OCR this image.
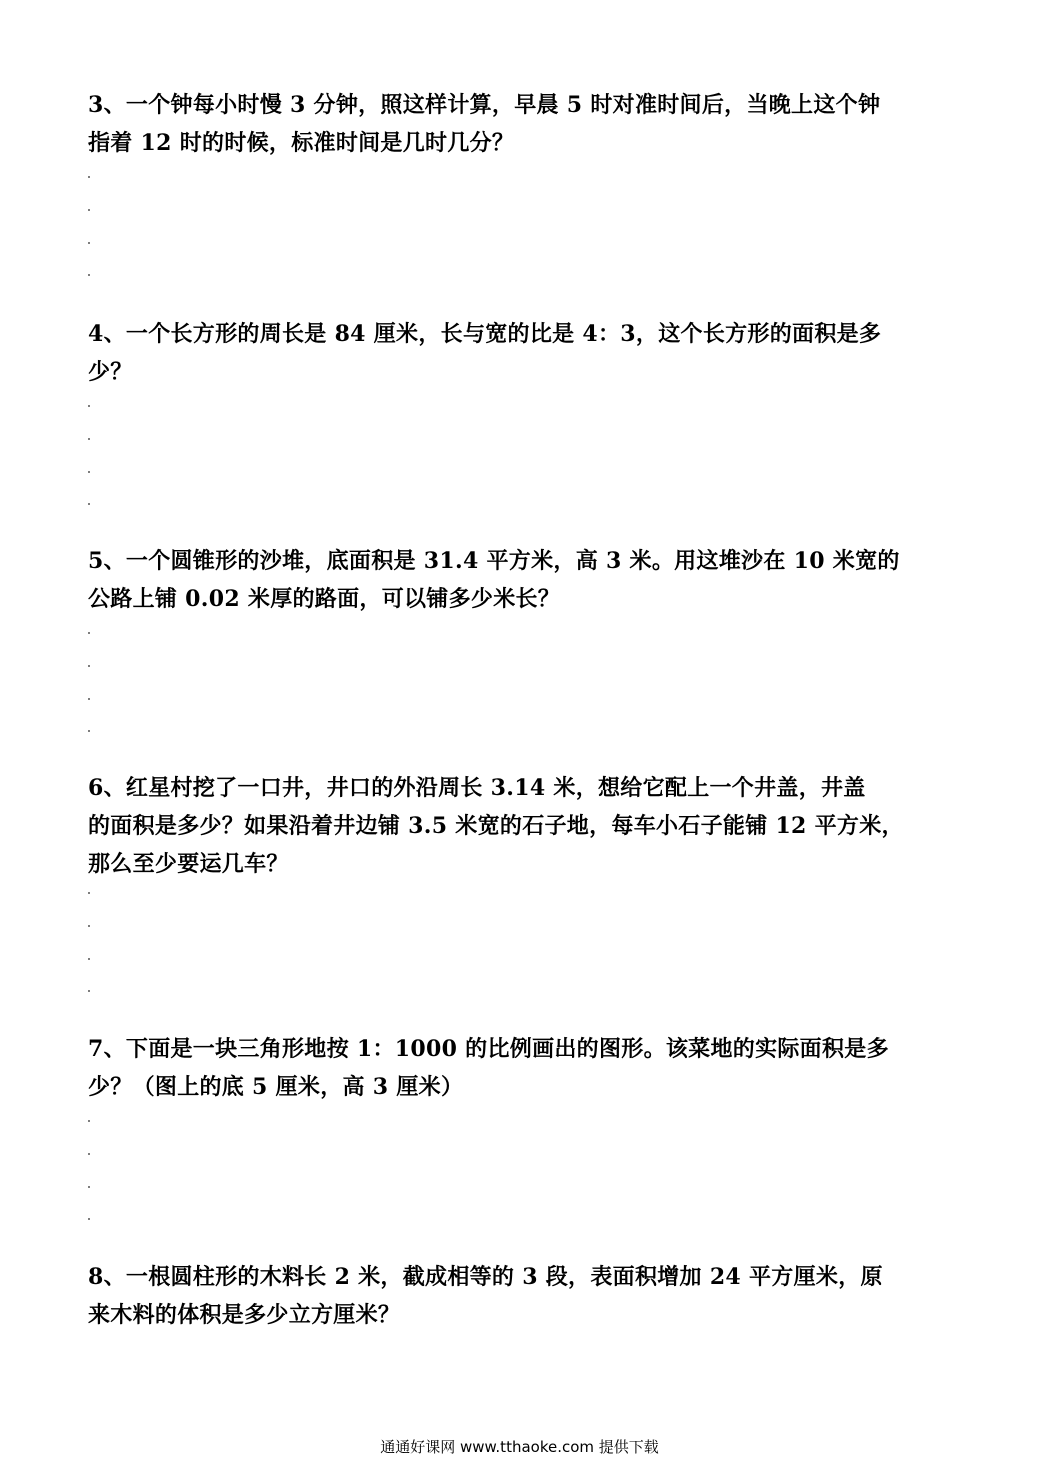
3、一个钟每小时慢 3 分钟，照这样计算，早晨 5 时对准时间后，当晚上这个钟
指着 12 时的时候，标准时间是几时几分？
4、一个长方形的周长是 84 厘米，长与宽的比是 4：3，这个长方形的面积是多
少？
5、一个圆锥形的沙堆，底面积是 31.4 平方米，高 3 米。用这堆沙在 10 米宽的
公路上铺 0.02 米厚的路面，可以铺多少米长？
6、红星村挖了一口井，井口的外沿周长 3.14 米，想给它配上一个井盖，井盖
的面积是多少？如果沿着井边铺 3.5 米宽的石子地，每车小石子能铺 12 平方米，
那么至少要运几车？
7、下面是一块三角形地按 1：1000 的比例画出的图形。该菜地的实际面积是多
少？（图上的底 5 厘米，高 3 厘米）
8、一根圆柱形的木料长 2 米，截成相等的 3 段，表面积增加 24 平方厘米，原
来木料的体积是多少立方厘米？
通通好课网 www.tthaoke.com 提供下载
